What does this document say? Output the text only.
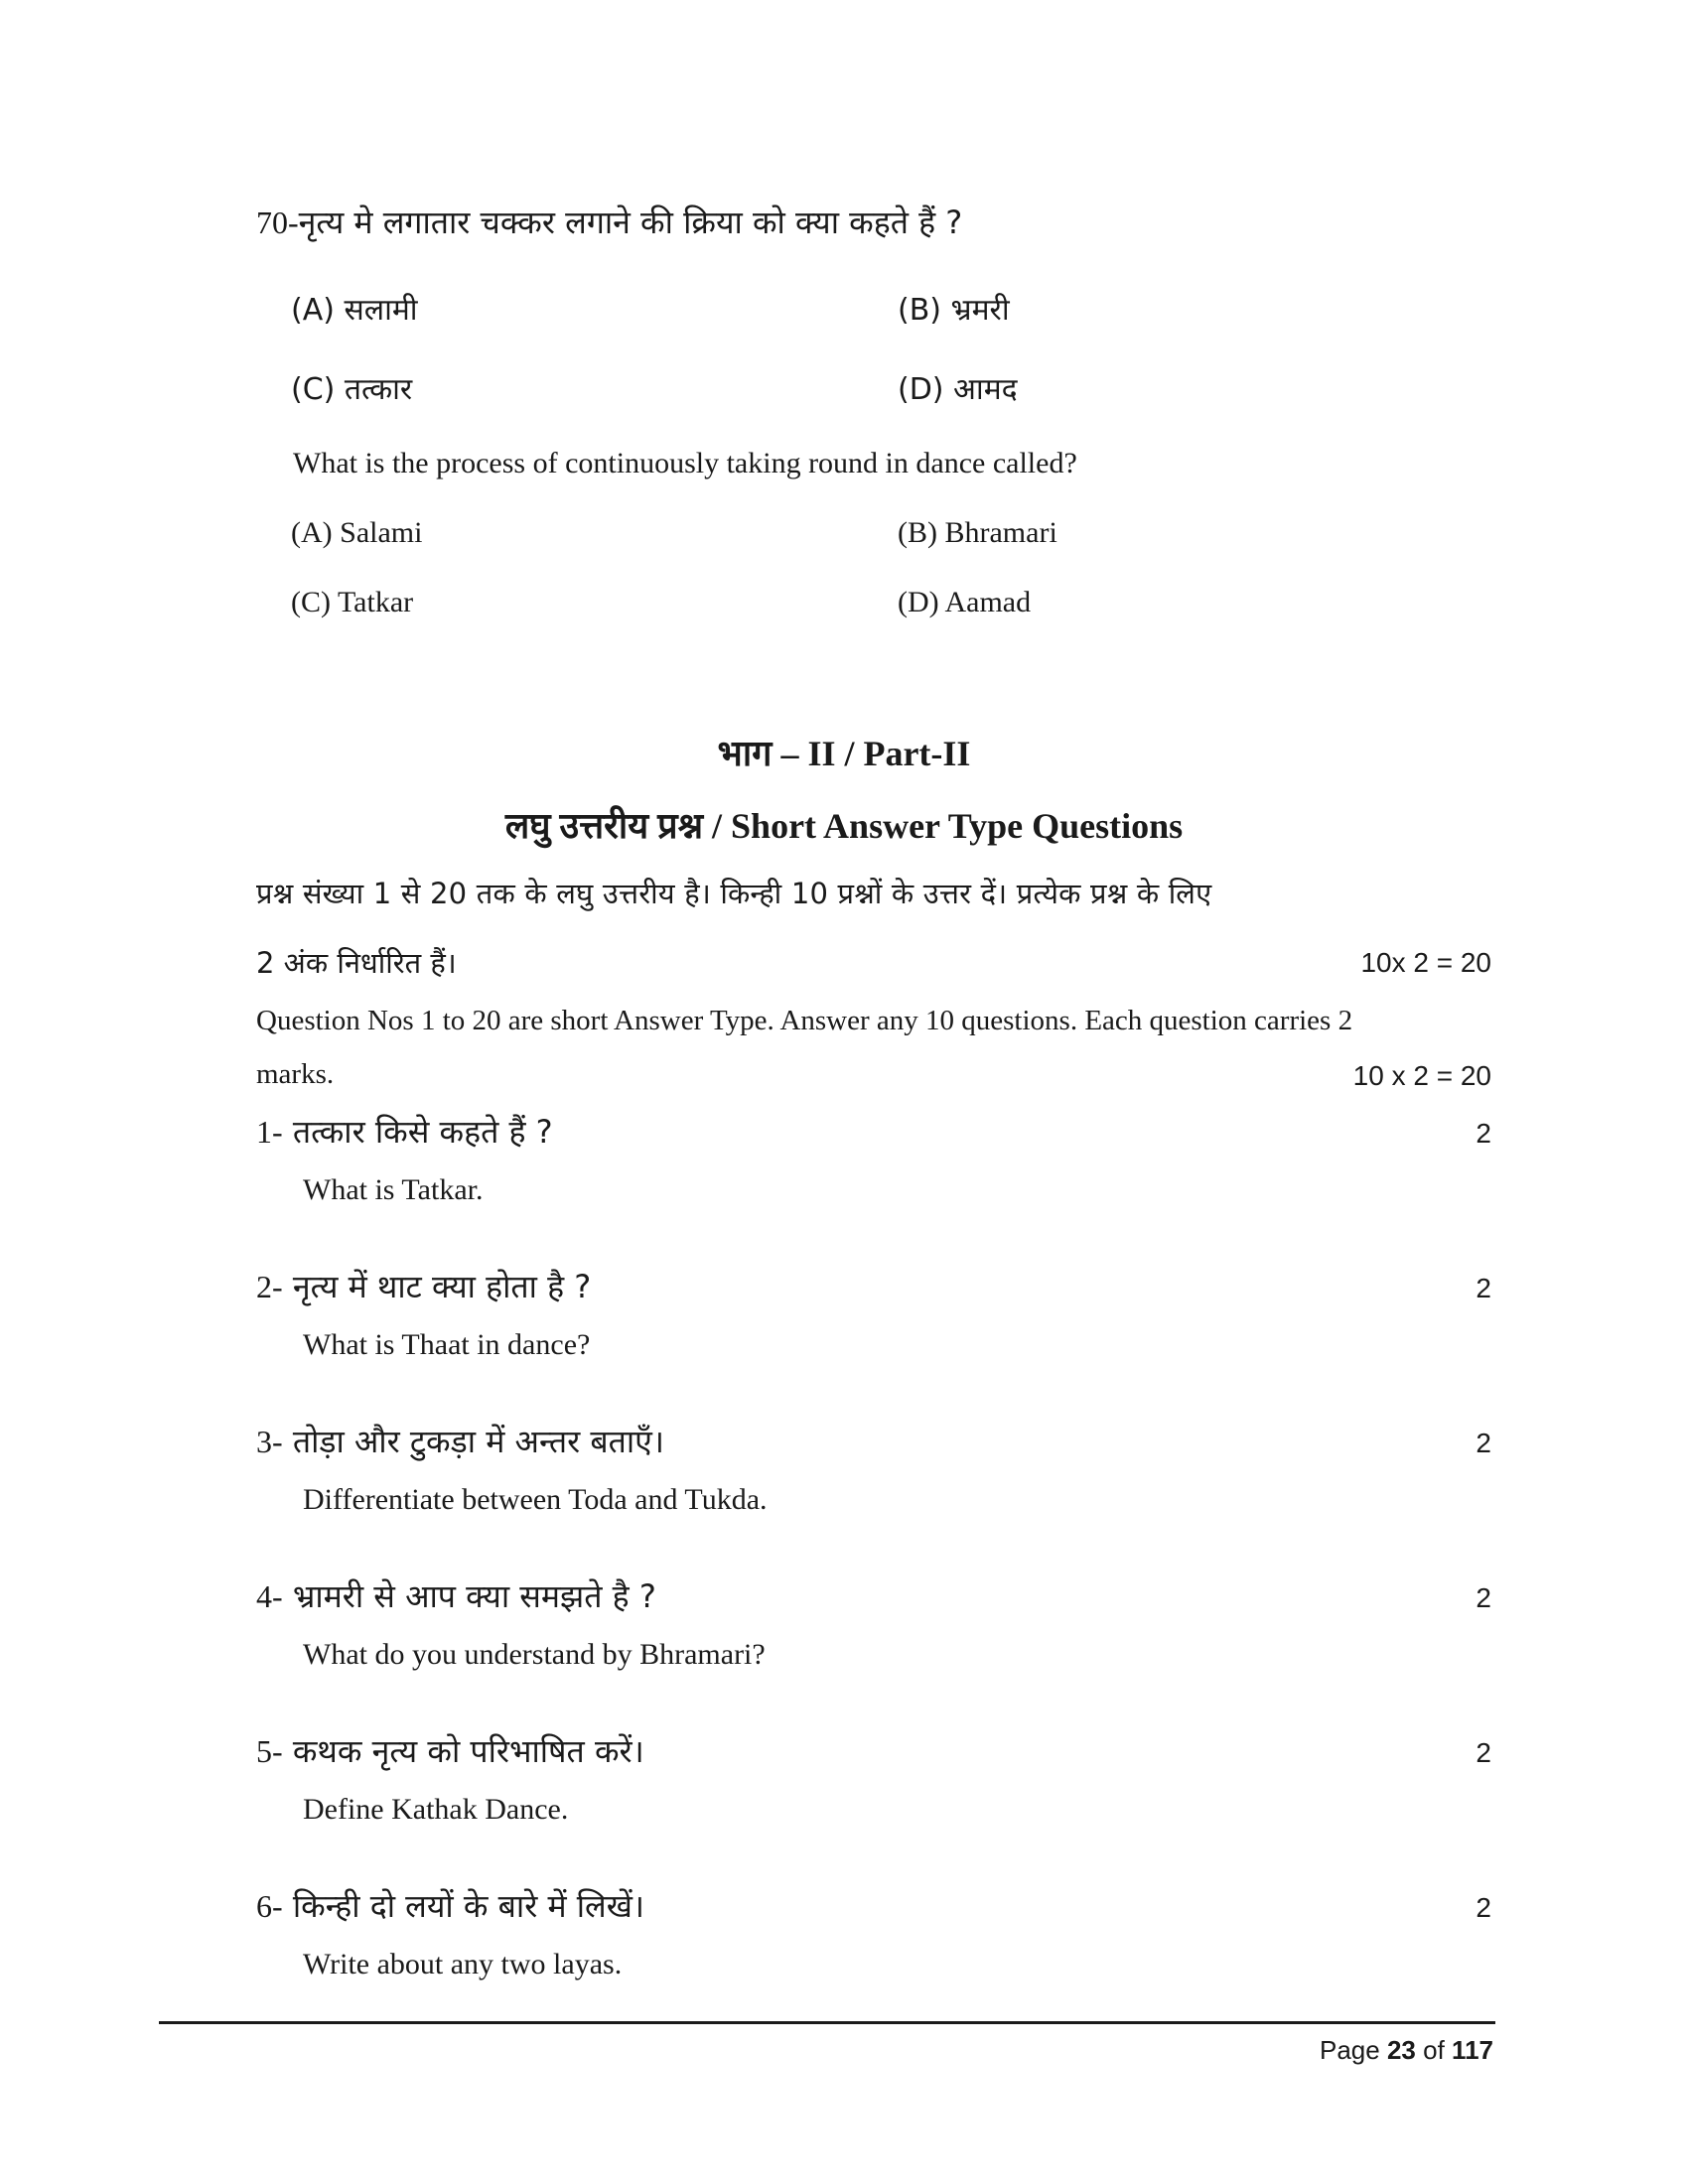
70-नृत्य मे लगातार चक्कर लगाने की क्रिया को क्या कहते हैं ?
(A) सलामी	(B) भ्रमरी
(C) तत्कार	(D) आमद
What is the process of continuously taking round in dance called?
(A) Salami	(B) Bhramari
(C) Tatkar	(D) Aamad
भाग – II / Part-II
लघु उत्तरीय प्रश्न / Short Answer Type Questions
प्रश्न संख्या 1 से 20 तक के लघु उत्तरीय है। किन्ही 10 प्रश्नों के उत्तर दें। प्रत्येक प्रश्न के लिए
2 अंक निर्धारित हैं।	10x 2 = 20
Question Nos 1 to 20 are short Answer Type. Answer any 10 questions. Each question carries 2
marks.	10 x 2 = 20
1- तत्कार किसे कहते हैं ?	2
What is Tatkar.
2- नृत्य में थाट क्या होता है ?	2
What is Thaat in dance?
3- तोड़ा और टुकड़ा में अन्तर बताएँ।	2
Differentiate between Toda and Tukda.
4- भ्रामरी से आप क्या समझते है ?	2
What do you understand by Bhramari?
5- कथक नृत्य को परिभाषित करें।	2
Define Kathak Dance.
6- किन्ही दो लयों के बारे में लिखें।	2
Write about any two layas.
Page 23 of 117
